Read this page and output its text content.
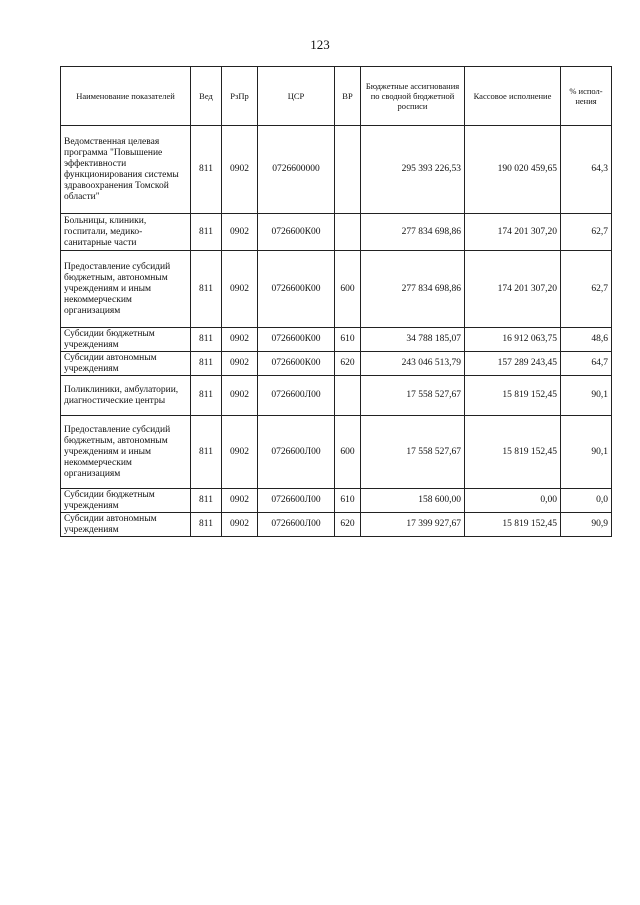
123
Наименование показателей	Вед	РзПр	ЦСР	ВР	Бюджетные ассигнования по сводной бюджетной росписи	Кассовое исполнение	% испол-нения
Ведомственная целевая программа "Повышение эффективности функционирования системы здравоохранения Томской области"	811	0902	0726600000		295 393 226,53	190 020 459,65	64,3
Больницы, клиники, госпитали, медико-санитарные части	811	0902	0726600К00		277 834 698,86	174 201 307,20	62,7
Предоставление субсидий бюджетным, автономным учреждениям и иным некоммерческим организациям	811	0902	0726600К00	600	277 834 698,86	174 201 307,20	62,7
Субсидии бюджетным учреждениям	811	0902	0726600К00	610	34 788 185,07	16 912 063,75	48,6
Субсидии автономным учреждениям	811	0902	0726600К00	620	243 046 513,79	157 289 243,45	64,7
Поликлиники, амбулатории, диагностические центры	811	0902	0726600Л00		17 558 527,67	15 819 152,45	90,1
Предоставление субсидий бюджетным, автономным учреждениям и иным некоммерческим организациям	811	0902	0726600Л00	600	17 558 527,67	15 819 152,45	90,1
Субсидии бюджетным учреждениям	811	0902	0726600Л00	610	158 600,00	0,00	0,0
Субсидии автономным учреждениям	811	0902	0726600Л00	620	17 399 927,67	15 819 152,45	90,9
